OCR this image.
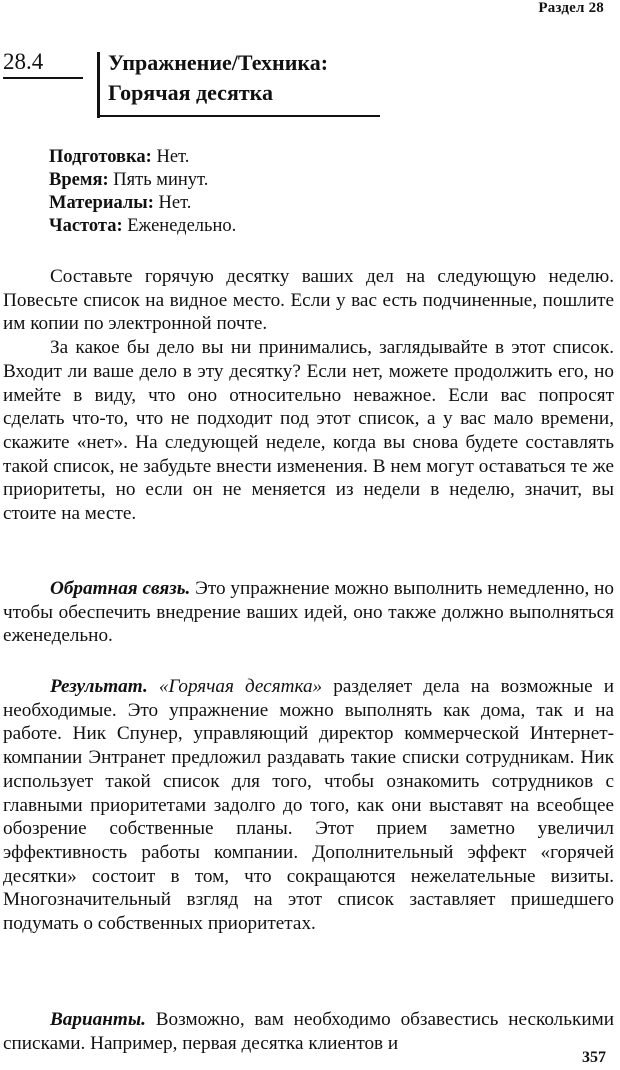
Раздел 28
28.4	Упражнение/Техника:
Горячая десятка
Подготовка: Нет.
Время: Пять минут.
Материалы: Нет.
Частота: Еженедельно.

Составьте горячую десятку ваших дел на следующую неделю. Повесьте список на видное место. Если у вас есть подчиненные, пошлите им копии по электронной почте.

За какое бы дело вы ни принимались, заглядывайте в этот список. Входит ли ваше дело в эту десятку? Если нет, можете продолжить его, но имейте в виду, что оно относительно неважное. Если вас попросят сделать что-то, что не подходит под этот список, а у вас мало времени, скажите «нет». На следующей неделе, когда вы снова будете составлять такой список, не забудьте внести изменения. В нем могут оставаться те же приоритеты, но если он не меняется из недели в неделю, значит, вы стоите на месте.

Обратная связь. Это упражнение можно выполнить немедленно, но чтобы обеспечить внедрение ваших идей, оно также должно выполняться еженедельно.

Результат. «Горячая десятка» разделяет дела на возможные и необходимые. Это упражнение можно выполнять как дома, так и на работе. Ник Спунер, управляющий директор коммерческой Интернет-компании Энтранет предложил раздавать такие списки сотрудникам. Ник использует такой список для того, чтобы ознакомить сотрудников с главными приоритетами задолго до того, как они выставят на всеобщее обозрение собственные планы. Этот прием заметно увеличил эффективность работы компании. Дополнительный эффект «горячей десятки» состоит в том, что сокращаются нежелательные визиты. Многозначительный взгляд на этот список заставляет пришедшего подумать о собственных приоритетах.

Варианты. Возможно, вам необходимо обзавестись несколькими списками. Например, первая десятка клиентов и

357
